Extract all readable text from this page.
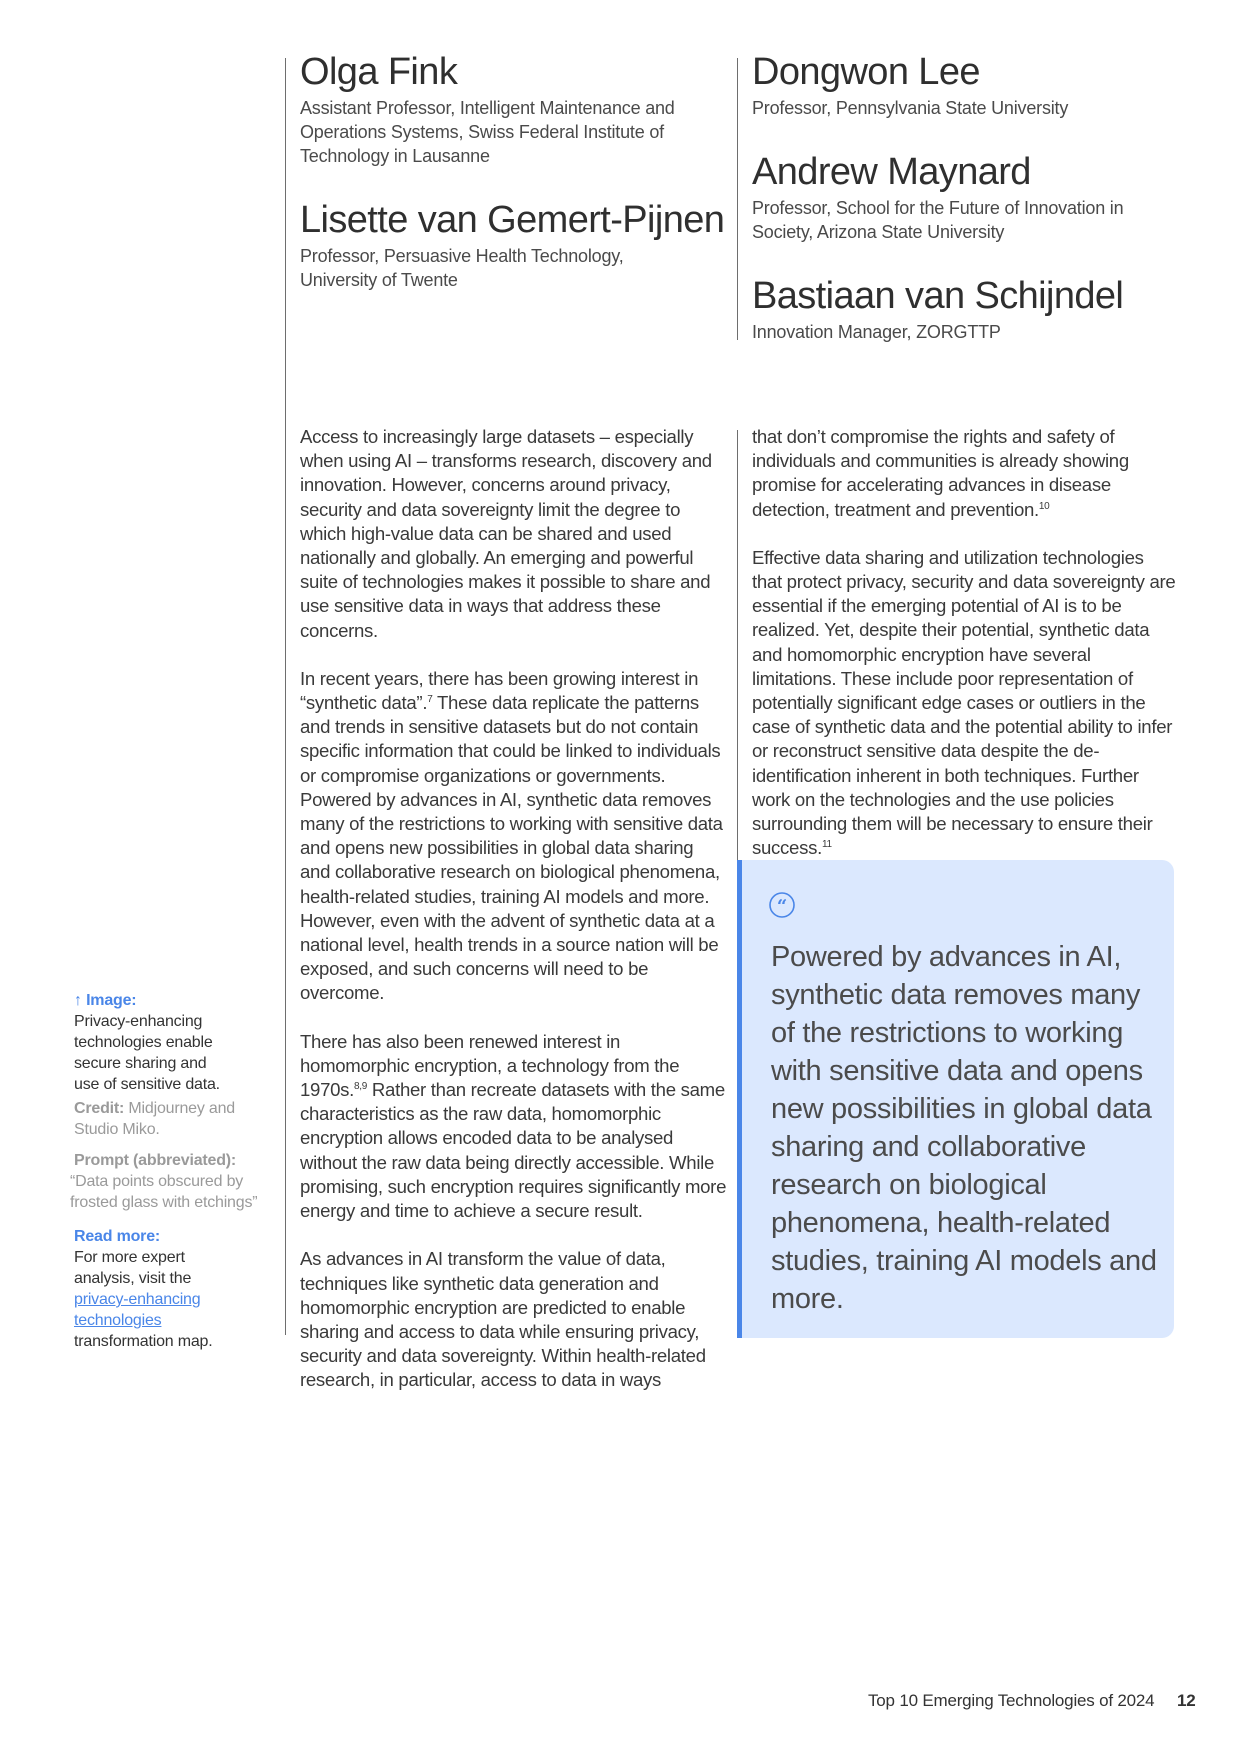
Olga Fink

Assistant Professor, Intelligent Maintenance and Operations Systems, Swiss Federal Institute of Technology in Lausanne

Lisette van Gemert-Pijnen

Professor, Persuasive Health Technology, University of Twente

Dongwon Lee

Professor, Pennsylvania State University

Andrew Maynard

Professor, School for the Future of Innovation in Society, Arizona State University

Bastiaan van Schijndel

Innovation Manager, ZORGTTP

Access to increasingly large datasets – especially when using AI – transforms research, discovery and innovation. However, concerns around privacy, security and data sovereignty limit the degree to which high-value data can be shared and used nationally and globally. An emerging and powerful suite of technologies makes it possible to share and use sensitive data in ways that address these concerns.

In recent years, there has been growing interest in “synthetic data”.$^7$ These data replicate the patterns and trends in sensitive datasets but do not contain specific information that could be linked to individuals or compromise organizations or governments. Powered by advances in AI, synthetic data removes many of the restrictions to working with sensitive data and opens new possibilities in global data sharing and collaborative research on biological phenomena, health-related studies, training AI models and more. However, even with the advent of synthetic data at a national level, health trends in a source nation will be exposed, and such concerns will need to be overcome.

There has also been renewed interest in homomorphic encryption, a technology from the 1970s.$^{8,9}$ Rather than recreate datasets with the same characteristics as the raw data, homomorphic encryption allows encoded data to be analysed without the raw data being directly accessible. While promising, such encryption requires significantly more energy and time to achieve a secure result.

As advances in AI transform the value of data, techniques like synthetic data generation and homomorphic encryption are predicted to enable sharing and access to data while ensuring privacy, security and data sovereignty. Within health-related research, in particular, access to data in ways

that don’t compromise the rights and safety of individuals and communities is already showing promise for accelerating advances in disease detection, treatment and prevention.$^{10}$

Effective data sharing and utilization technologies that protect privacy, security and data sovereignty are essential if the emerging potential of AI is to be realized. Yet, despite their potential, synthetic data and homomorphic encryption have several limitations. These include poor representation of potentially significant edge cases or outliers in the case of synthetic data and the potential ability to infer or reconstruct sensitive data despite the de-identification inherent in both techniques. Further work on the technologies and the use policies surrounding them will be necessary to ensure their success.$^{11}$

“

Powered by advances in AI, synthetic data removes many of the restrictions to working with sensitive data and opens new possibilities in global data sharing and collaborative research on biological phenomena, health-related studies, training AI models and more.

↑ Image:
Privacy-enhancing technologies enable secure sharing and use of sensitive data.
Credit: Midjourney and Studio Miko.
Prompt (abbreviated):
“Data points obscured by frosted glass with etchings”
Read more:
For more expert analysis, visit the privacy-enhancing technologies transformation map.
Top 10 Emerging Technologies of 2024 12
